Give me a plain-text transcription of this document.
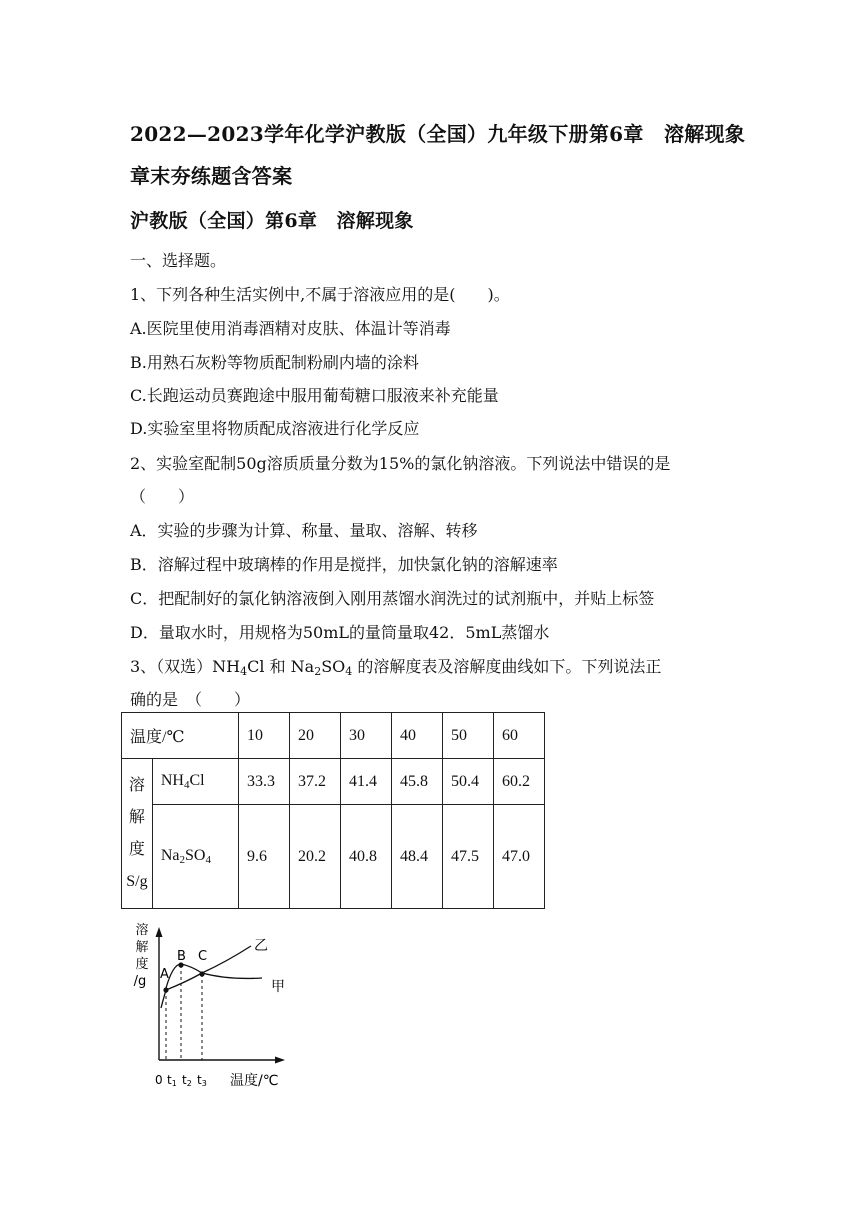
2022—2023学年化学沪教版（全国）九年级下册第6章　溶解现象
章末夯练题含答案
沪教版（全国）第6章　溶解现象
一、选择题。
1、下列各种生活实例中,不属于溶液应用的是(　　)。
A.医院里使用消毒酒精对皮肤、体温计等消毒
B.用熟石灰粉等物质配制粉刷内墙的涂料
C.长跑运动员赛跑途中服用葡萄糖口服液来补充能量
D.实验室里将物质配成溶液进行化学反应
2、实验室配制50g溶质质量分数为15%的氯化钠溶液。下列说法中错误的是
（　　）
A．实验的步骤为计算、称量、量取、溶解、转移
B．溶解过程中玻璃棒的作用是搅拌，加快氯化钠的溶解速率
C．把配制好的氯化钠溶液倒入刚用蒸馏水润洗过的试剂瓶中，并贴上标签
D．量取水时，用规格为50mL的量筒量取42．5mL蒸馏水
3、（双选）$NH_4Cl$ 和 $Na_2SO_4$ 的溶解度表及溶解度曲线如下。下列说法正
确的是　（　　）
温度/℃		10	20	30	40	50	60

溶
解
度
S/g	$NH_4Cl$	33.3	37.2	41.4	45.8	50.4	60.2
	$Na_2SO_4$	9.6	20.2	40.8	48.4	47.5	47.0
溶
解
度
/g A
B C
乙
甲
0 t1 t2 t3 温度/℃
